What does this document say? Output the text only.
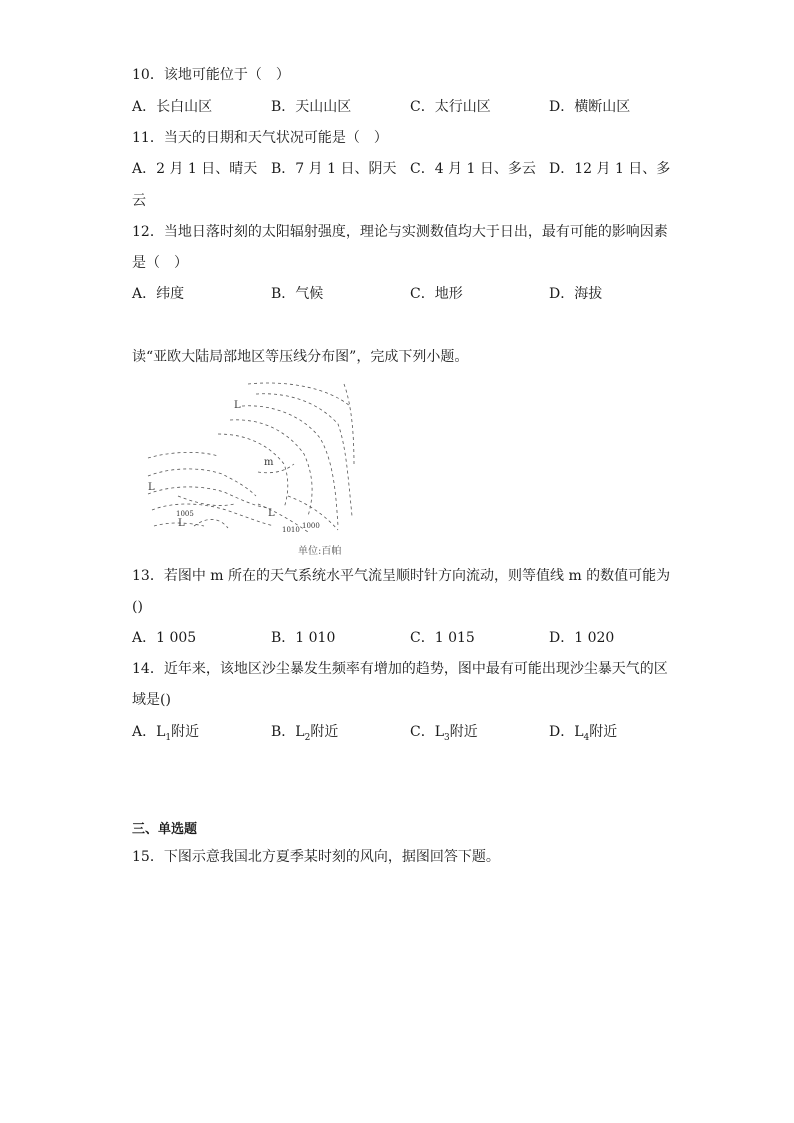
10．该地可能位于（　）
A．长白山区	B．天山山区	C．太行山区	D．横断山区
11．当天的日期和天气状况可能是（　）
A．2 月 1 日、晴天 B．7 月 1 日、阴天 C．4 月 1 日、多云 D．12 月 1 日、多
云
12．当地日落时刻的太阳辐射强度，理论与实测数值均大于日出，最有可能的影响因素
是（　）
A．纬度	B．气候	C．地形	D．海拔
读“亚欧大陆局部地区等压线分布图”，完成下列小题。
L
m
L
L
L
1005
1010 1000
单位:百帕
13．若图中 m 所在的天气系统水平气流呈顺时针方向流动，则等值线 m 的数值可能为
()
A．1 005	B．1 010	C．1 015	D．1 020
14．近年来，该地区沙尘暴发生频率有增加的趋势，图中最有可能出现沙尘暴天气的区
域是()
A．$L_1$附近	B．$L_2$附近	C．$L_3$附近	D．$L_4$附近
三、单选题
15．下图示意我国北方夏季某时刻的风向，据图回答下题。
